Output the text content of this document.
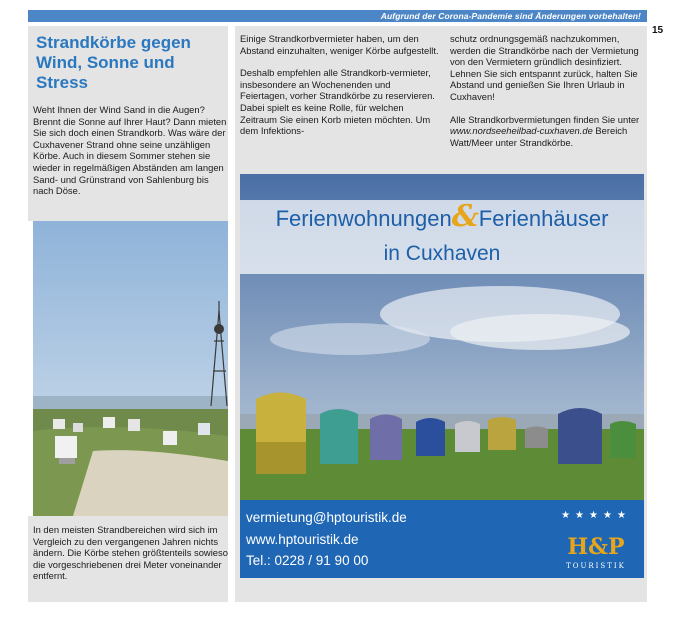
Aufgrund der Corona-Pandemie sind Änderungen vorbehalten!
15
Strandkörbe gegen Wind, Sonne und Stress
Weht Ihnen der Wind Sand in die Augen? Brennt die Sonne auf Ihrer Haut? Dann mieten Sie sich doch einen Strandkorb. Was wäre der Cuxhavener Strand ohne seine unzähligen Körbe. Auch in diesem Sommer stehen sie wieder in regelmäßigen Abständen am langen Sand- und Grünstrand von Sahlenburg bis nach Döse.
In den meisten Strandbereichen wird sich im Vergleich zu den vergangenen Jahren nichts ändern. Die Körbe stehen größtenteils sowieso die vorgeschriebenen drei Meter voneinander entfernt.

Einige Strandkorbvermieter haben, um den Abstand einzuhalten, weniger Körbe aufgestellt.

Deshalb empfehlen alle Strandkorb-vermieter, insbesondere an Wochenenden und Feiertagen, vorher Strandkörbe zu reservieren. Dabei spielt es keine Rolle, für welchen Zeitraum Sie einen Korb mieten möchten. Um dem Infektions-

schutz ordnungsgemäß nachzukommen, werden die Strandkörbe nach der Vermietung von den Vermietern gründlich desinfiziert. Lehnen Sie sich entspannt zurück, halten Sie Abstand und genießen Sie Ihren Urlaub in Cuxhaven!

Alle Strandkorbvermietungen finden Sie unter www.nordseeheilbad-cuxhaven.de Bereich Watt/Meer unter Strandkörbe.

Ferienwohnungen&Ferienhäuser
in Cuxhaven
vermietung@hptouristik.de
www.hptouristik.de
Tel.: 0228 / 91 90 00
★★★★★
H&P
TOURISTIK
